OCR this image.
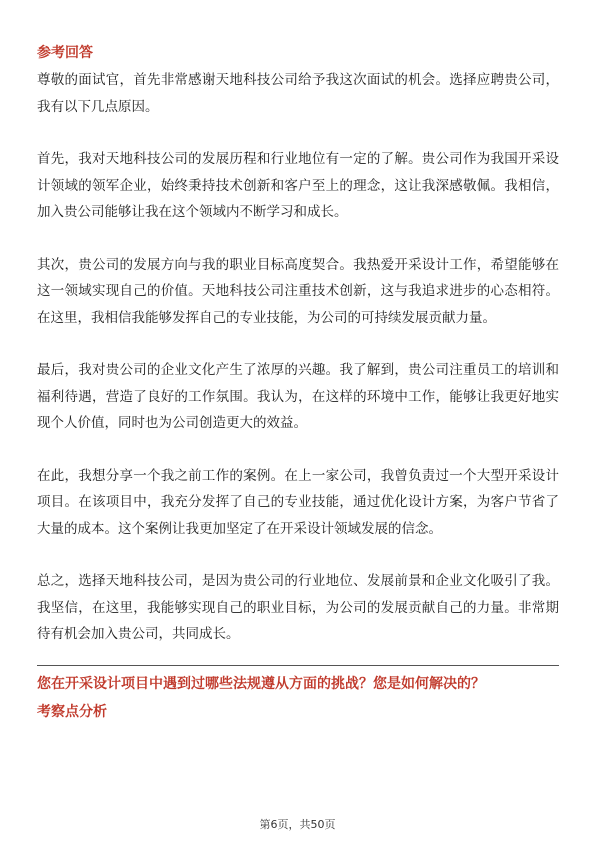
参考回答

尊敬的面试官，首先非常感谢天地科技公司给予我这次面试的机会。选择应聘贵公司，我有以下几点原因。

首先，我对天地科技公司的发展历程和行业地位有一定的了解。贵公司作为我国开采设计领域的领军企业，始终秉持技术创新和客户至上的理念，这让我深感敬佩。我相信，加入贵公司能够让我在这个领域内不断学习和成长。

其次，贵公司的发展方向与我的职业目标高度契合。我热爱开采设计工作，希望能够在这一领域实现自己的价值。天地科技公司注重技术创新，这与我追求进步的心态相符。在这里，我相信我能够发挥自己的专业技能，为公司的可持续发展贡献力量。

最后，我对贵公司的企业文化产生了浓厚的兴趣。我了解到，贵公司注重员工的培训和福利待遇，营造了良好的工作氛围。我认为，在这样的环境中工作，能够让我更好地实现个人价值，同时也为公司创造更大的效益。

在此，我想分享一个我之前工作的案例。在上一家公司，我曾负责过一个大型开采设计项目。在该项目中，我充分发挥了自己的专业技能，通过优化设计方案，为客户节省了大量的成本。这个案例让我更加坚定了在开采设计领域发展的信念。

总之，选择天地科技公司，是因为贵公司的行业地位、发展前景和企业文化吸引了我。我坚信，在这里，我能够实现自己的职业目标，为公司的发展贡献自己的力量。非常期待有机会加入贵公司，共同成长。

您在开采设计项目中遇到过哪些法规遵从方面的挑战？您是如何解决的？
考察点分析
第6页，共50页
